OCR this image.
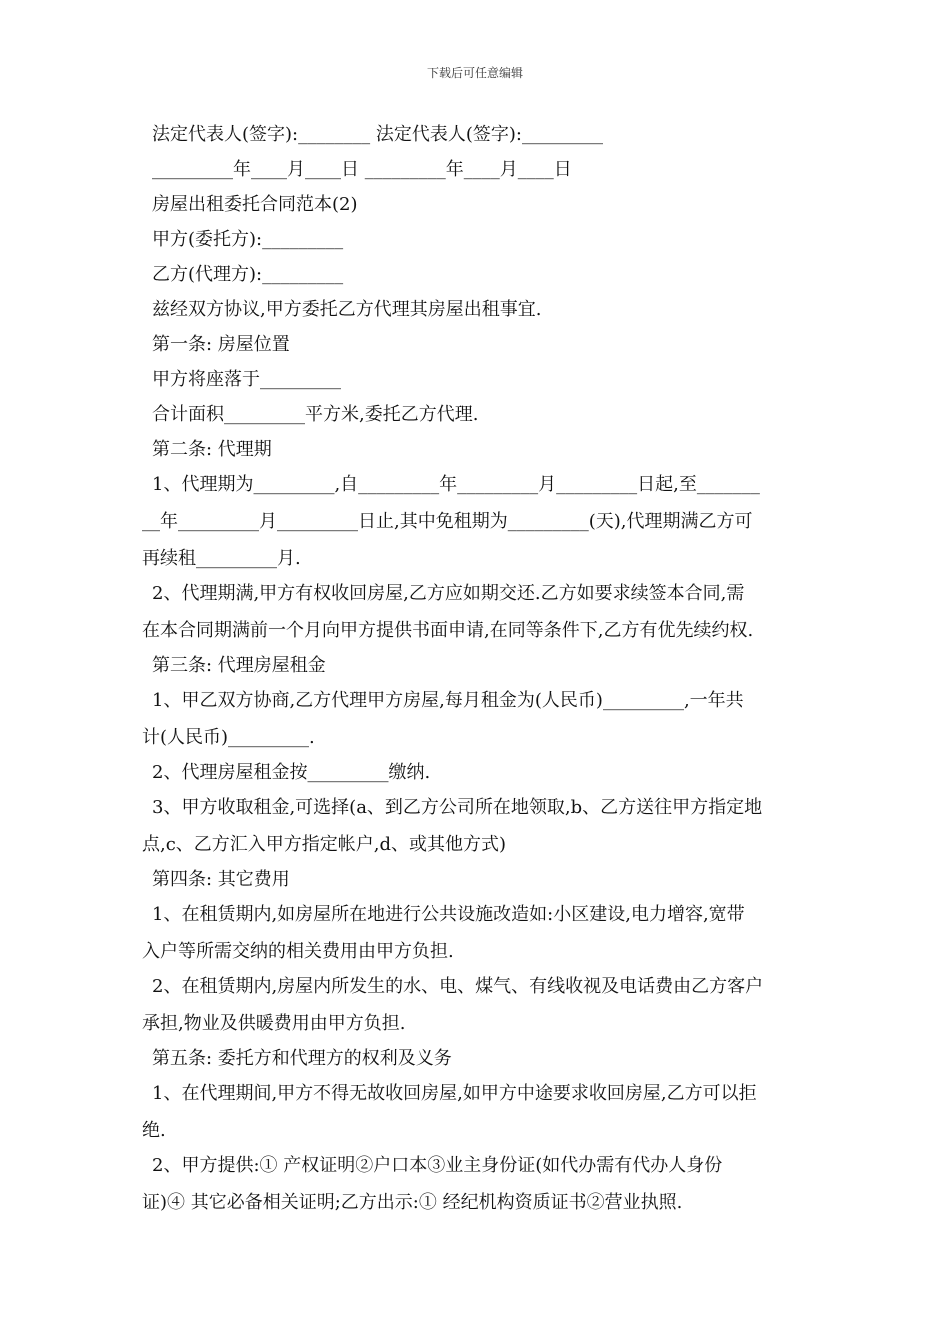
下载后可任意编辑
法定代表人(签字):________ 法定代表人(签字):_________
_________年____月____日 _________年____月____日
房屋出租委托合同范本(2)
甲方(委托方):_________
乙方(代理方):_________
兹经双方协议,甲方委托乙方代理其房屋出租事宜.
第一条: 房屋位置
甲方将座落于_________
合计面积_________平方米,委托乙方代理.
第二条: 代理期
1、代理期为_________,自_________年_________月_________日起,至_______
__年_________月_________日止,其中免租期为_________(天),代理期满乙方可
再续租_________月.
2、代理期满,甲方有权收回房屋,乙方应如期交还.乙方如要求续签本合同,需
在本合同期满前一个月向甲方提供书面申请,在同等条件下,乙方有优先续约权.
第三条: 代理房屋租金
1、甲乙双方协商,乙方代理甲方房屋,每月租金为(人民币)_________,一年共
计(人民币)_________.
2、代理房屋租金按_________缴纳.
3、甲方收取租金,可选择(a、到乙方公司所在地领取,b、乙方送往甲方指定地
点,c、乙方汇入甲方指定帐户,d、或其他方式)
第四条: 其它费用
1、在租赁期内,如房屋所在地进行公共设施改造如:小区建设,电力增容,宽带
入户等所需交纳的相关费用由甲方负担.
2、在租赁期内,房屋内所发生的水、电、煤气、有线收视及电话费由乙方客户
承担,物业及供暖费用由甲方负担.
第五条: 委托方和代理方的权利及义务
1、在代理期间,甲方不得无故收回房屋,如甲方中途要求收回房屋,乙方可以拒
绝.
2、甲方提供:① 产权证明②户口本③业主身份证(如代办需有代办人身份
证)④ 其它必备相关证明;乙方出示:① 经纪机构资质证书②营业执照.
